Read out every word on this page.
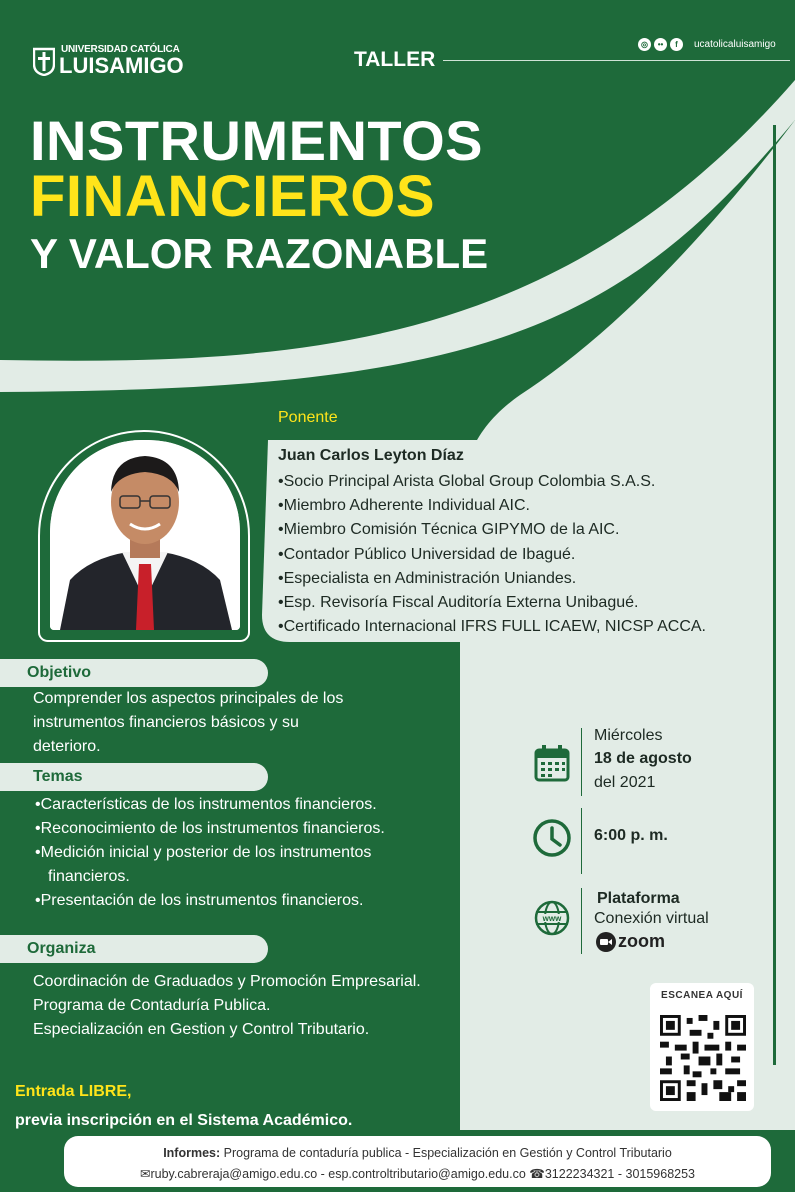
UNIVERSIDAD CATÓLICA
LUISAMIGO	TALLER
◎	••	f	ucatolicaluisamigo
INSTRUMENTOS
FINANCIEROS
Y VALOR RAZONABLE
Ponente
Juan Carlos Leyton Díaz
• Socio Principal Arista Global Group Colombia S.A.S.
• Miembro Adherente Individual AIC.
• Miembro Comisión Técnica GIPYMO de la AIC.
• Contador Público Universidad de Ibagué.
• Especialista en Administración Uniandes.
• Esp. Revisoría Fiscal Auditoría Externa Unibagué.
• Certificado Internacional IFRS FULL ICAEW, NICSP ACCA.
Objetivo
Comprender los aspectos principales de los
instrumentos financieros básicos y su
deterioro.
Temas
• Características de los instrumentos financieros.
• Reconocimiento de los instrumentos financieros.
• Medición inicial y posterior de los instrumentos financieros.
• Presentación de los instrumentos financieros.
Organiza
Coordinación de Graduados y Promoción Empresarial.
Programa de Contaduría Publica.
Especialización en Gestion y Control Tributario.
Miércoles
18 de agosto
del 2021
6:00 p. m.
www
Plataforma
Conexión virtual
zoom
ESCANEA AQUÍ
Entrada LIBRE,
previa inscripción en el Sistema Académico.
Informes: Programa de contaduría publica - Especialización en Gestión y Control Tributario
✉ruby.cabrerajа@amigo.edu.co - esp.controltributario@amigo.edu.co ☎3122234321 - 3015968253
